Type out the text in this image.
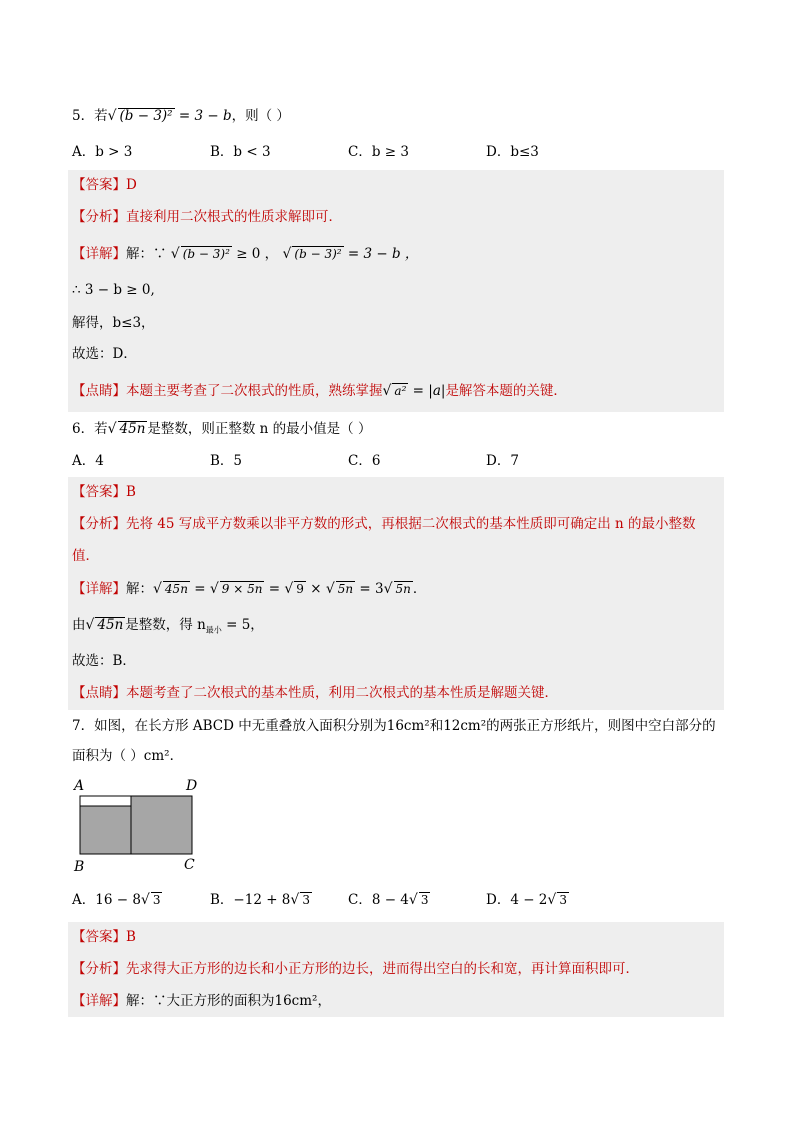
5．若√ (b − 3)² = 3 − b，则（ ）
A．b > 3	B．b < 3	C．b ≥ 3	D．b≤3
【答案】D
【分析】直接利用二次根式的性质求解即可．
【详解】解：∵ √ (b − 3)² ≥ 0 ， √ (b − 3)² = 3 − b ，
∴ 3 − b ≥ 0,
解得，b≤3，
故选：D．
【点睛】本题主要考查了二次根式的性质，熟练掌握√ a² = |a|是解答本题的关键．
6．若√ 45n 是整数，则正整数 n 的最小值是（ ）
A．4	B．5	C．6	D．7
【答案】B
【分析】先将 45 写成平方数乘以非平方数的形式，再根据二次根式的基本性质即可确定出 n 的最小整数
值．
【详解】解：√ 45n = √ 9 × 5n = √ 9 × √ 5n = 3√ 5n ．
由√ 45n 是整数，得 $n_{最小} = 5$，
故选：B．
【点睛】本题考查了二次根式的基本性质，利用二次根式的基本性质是解题关键．
7．如图，在长方形 ABCD 中无重叠放入面积分别为16cm²和12cm²的两张正方形纸片，则图中空白部分的
面积为（ ）cm²．
A	D
B	C
A．16 − 8√ 3	B．−12 + 8√ 3	C．8 − 4√ 3	D．4 − 2√ 3
【答案】B
【分析】先求得大正方形的边长和小正方形的边长，进而得出空白的长和宽，再计算面积即可．
【详解】解：∵大正方形的面积为16cm²，
